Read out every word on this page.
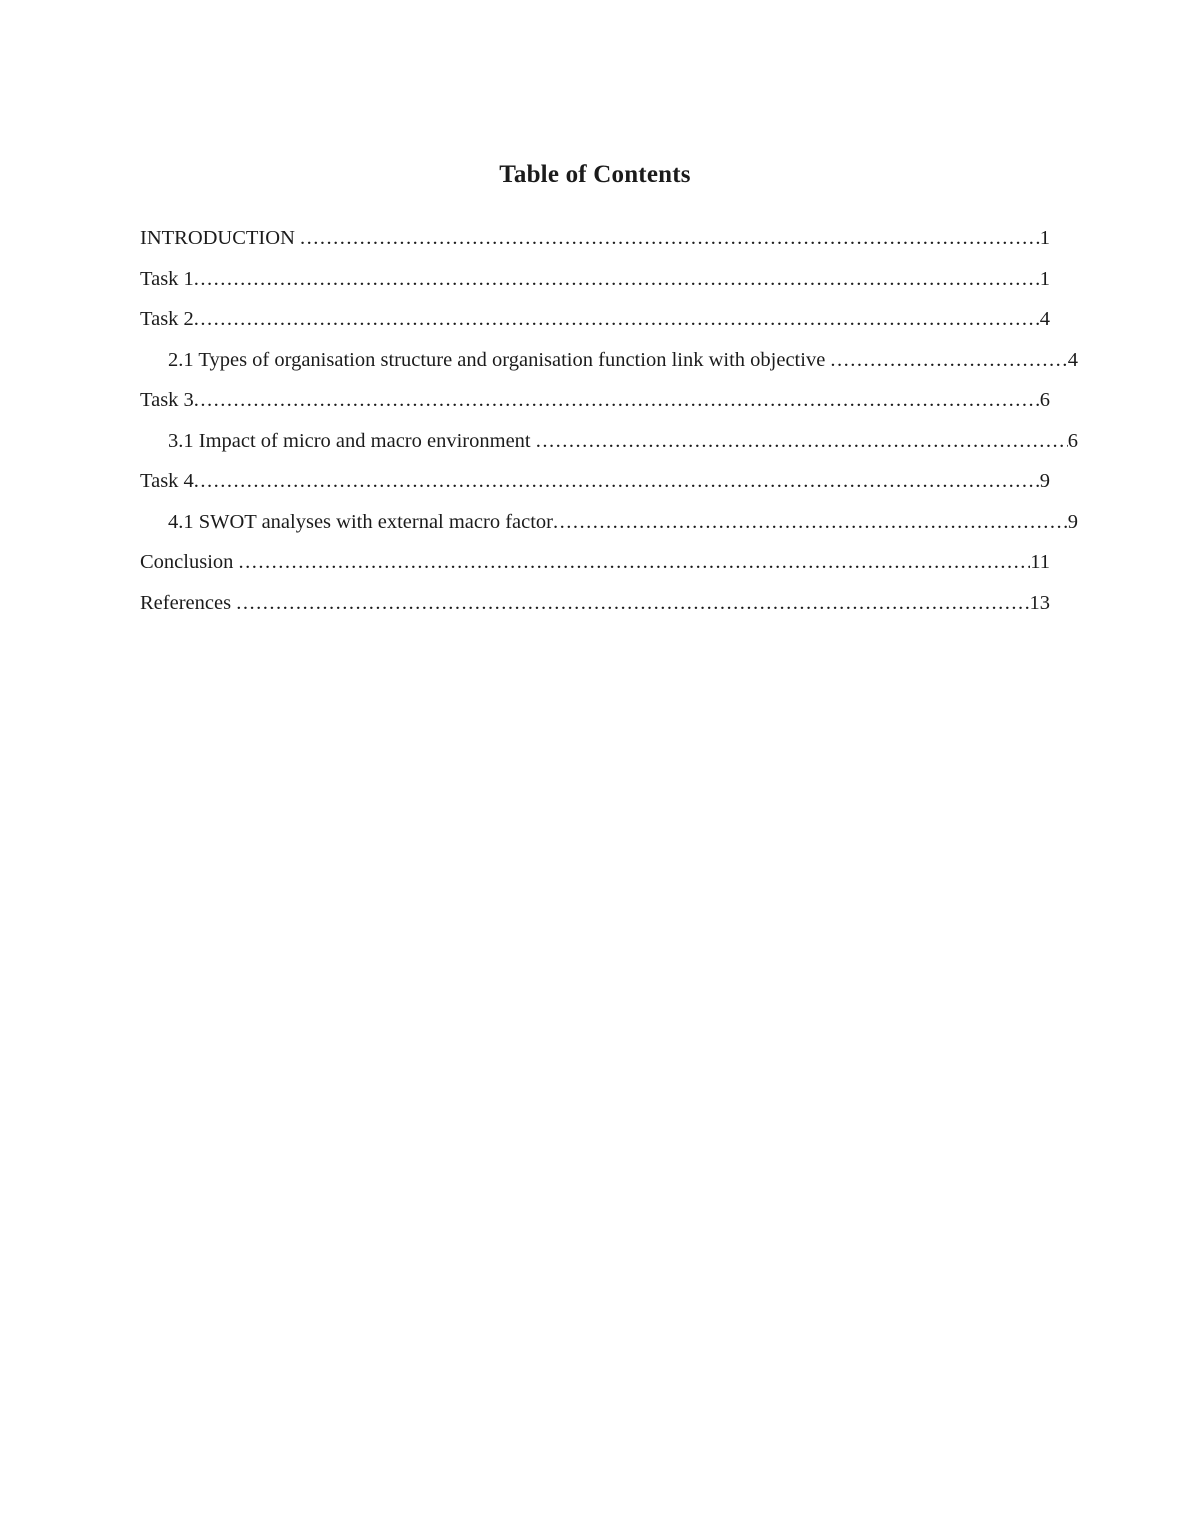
Table of Contents
INTRODUCTION .....	1
Task 1 .....	1
Task 2 .....	4
2.1 Types of organisation structure and organisation function link with objective .....	4
Task 3 .....	6
3.1 Impact of micro and macro environment .....	6
Task 4 .....	9
4.1 SWOT analyses with external macro factor .....	9
Conclusion .....	11
References .....	13
